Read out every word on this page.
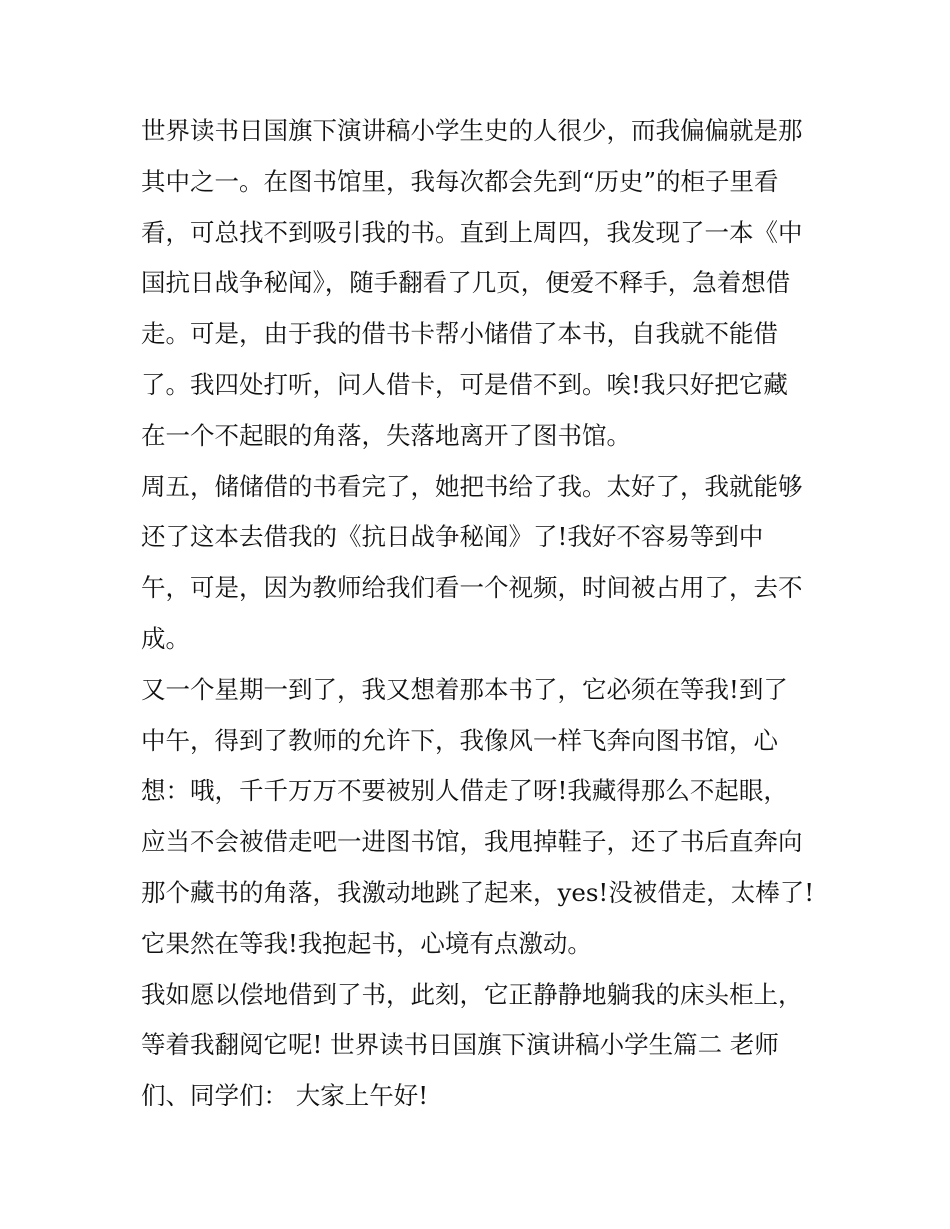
世界读书日国旗下演讲稿小学生史的人很少，而我偏偏就是那
其中之一。在图书馆里，我每次都会先到“历史”的柜子里看
看，可总找不到吸引我的书。直到上周四，我发现了一本《中
国抗日战争秘闻》，随手翻看了几页，便爱不释手，急着想借
走。可是，由于我的借书卡帮小储借了本书，自我就不能借
了。我四处打听，问人借卡，可是借不到。唉!我只好把它藏
在一个不起眼的角落，失落地离开了图书馆。
周五，储储借的书看完了，她把书给了我。太好了，我就能够
还了这本去借我的《抗日战争秘闻》了!我好不容易等到中
午，可是，因为教师给我们看一个视频，时间被占用了，去不
成。
又一个星期一到了，我又想着那本书了，它必须在等我!到了
中午，得到了教师的允许下，我像风一样飞奔向图书馆，心
想：哦，千千万万不要被别人借走了呀!我藏得那么不起眼，
应当不会被借走吧一进图书馆，我甩掉鞋子，还了书后直奔向
那个藏书的角落，我激动地跳了起来，yes!没被借走，太棒了!
它果然在等我!我抱起书，心境有点激动。
我如愿以偿地借到了书，此刻，它正静静地躺我的床头柜上，
等着我翻阅它呢! 世界读书日国旗下演讲稿小学生篇二 老师
们、同学们： 大家上午好!
